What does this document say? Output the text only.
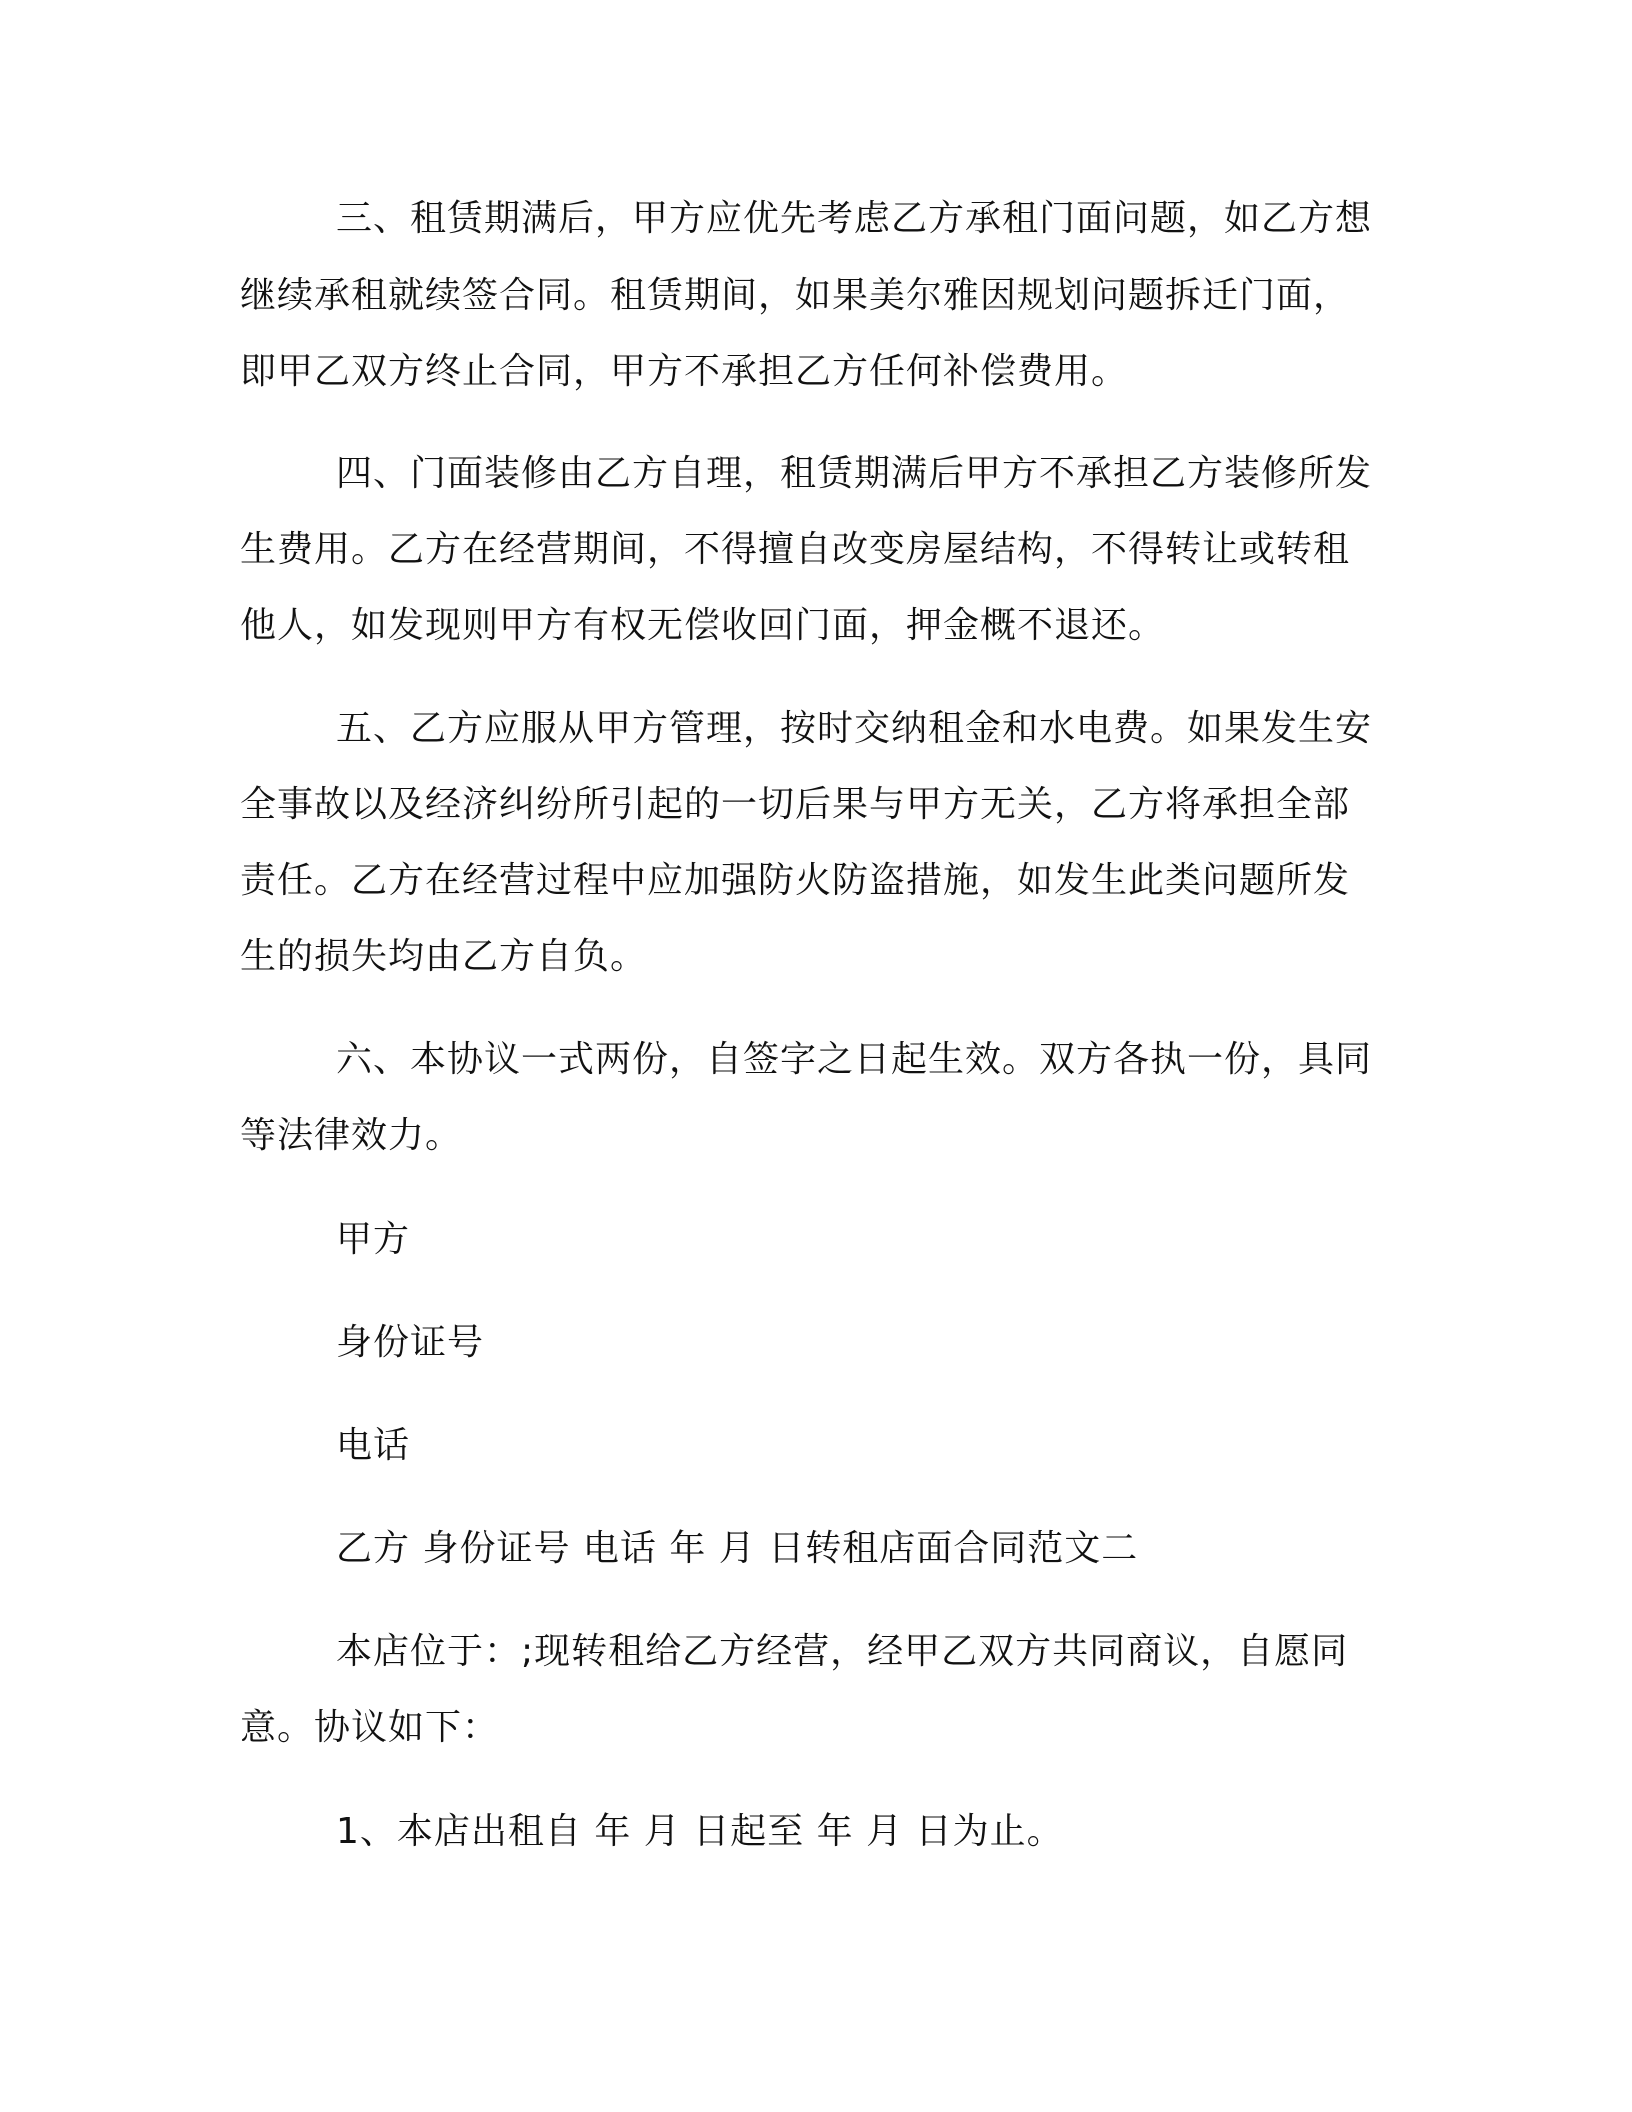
三、租赁期满后，甲方应优先考虑乙方承租门面问题，如乙方想
继续承租就续签合同。租赁期间，如果美尔雅因规划问题拆迁门面，
即甲乙双方终止合同，甲方不承担乙方任何补偿费用。
四、门面装修由乙方自理，租赁期满后甲方不承担乙方装修所发
生费用。乙方在经营期间，不得擅自改变房屋结构，不得转让或转租
他人，如发现则甲方有权无偿收回门面，押金概不退还。
五、乙方应服从甲方管理，按时交纳租金和水电费。如果发生安
全事故以及经济纠纷所引起的一切后果与甲方无关，乙方将承担全部
责任。乙方在经营过程中应加强防火防盗措施，如发生此类问题所发
生的损失均由乙方自负。
六、本协议一式两份，自签字之日起生效。双方各执一份，具同
等法律效力。
甲方
身份证号
电话
乙方 身份证号 电话 年 月 日转租店面合同范文二
本店位于：;现转租给乙方经营，经甲乙双方共同商议，自愿同
意。协议如下：
1、本店出租自 年 月 日起至 年 月 日为止。
